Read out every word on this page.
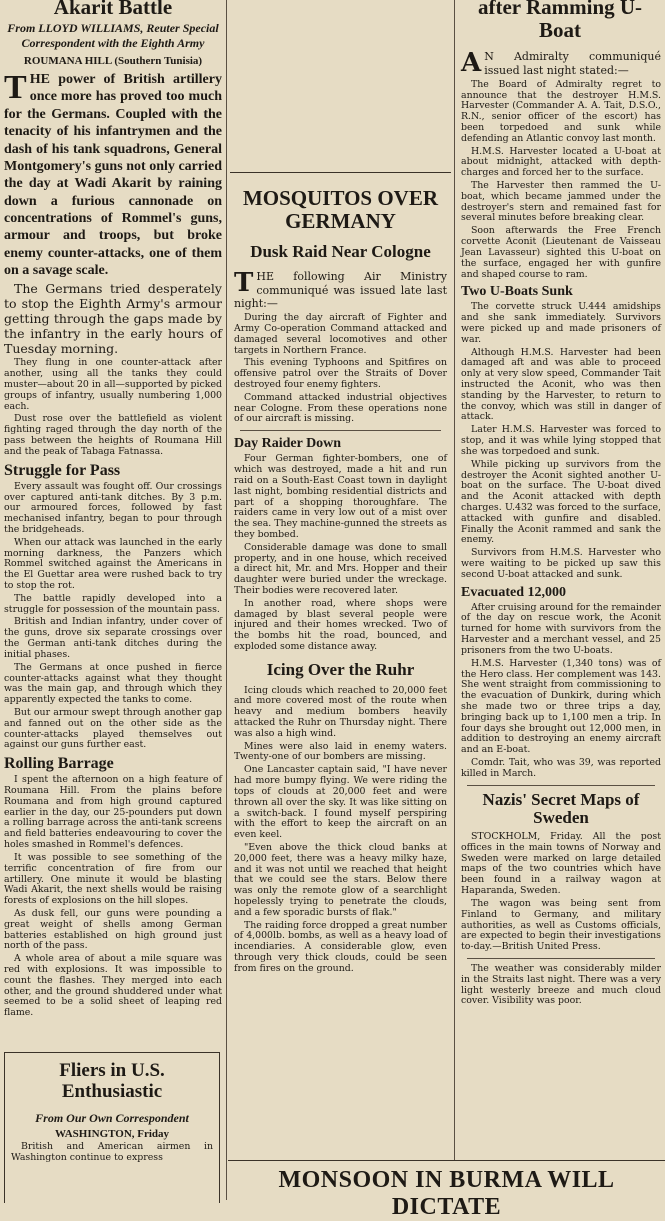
Akarit Battle
From LLOYD WILLIAMS, Reuter Special Correspondent with the Eighth Army
ROUMANA HILL (Southern Tunisia)

THE power of British artillery once more has proved too much for the Germans. Coupled with the tenacity of his infantrymen and the dash of his tank squadrons, General Montgomery's guns not only carried the day at Wadi Akarit by raining down a furious cannonade on concentrations of Rommel's guns, armour and troops, but broke enemy counter-attacks, one of them on a savage scale.

The Germans tried desperately to stop the Eighth Army's armour getting through the gaps made by the infantry in the early hours of Tuesday morning.

They flung in one counter-attack after another, using all the tanks they could muster—about 20 in all—supported by picked groups of infantry, usually numbering 1,000 each.

Dust rose over the battlefield as violent fighting raged through the day north of the pass between the heights of Roumana Hill and the peak of Tabaga Fatnassa.

Struggle for Pass

Every assault was fought off. Our crossings over captured anti-tank ditches. By 3 p.m. our armoured forces, followed by fast mechanised infantry, began to pour through the bridgeheads.

When our attack was launched in the early morning darkness, the Panzers which Rommel switched against the Americans in the El Guettar area were rushed back to try to stop the rot.

The battle rapidly developed into a struggle for possession of the mountain pass.

British and Indian infantry, under cover of the guns, drove six separate crossings over the German anti-tank ditches during the initial phases.

The Germans at once pushed in fierce counter-attacks against what they thought was the main gap, and through which they apparently expected the tanks to come.

But our armour swept through another gap and fanned out on the other side as the counter-attacks played themselves out against our guns further east.

Rolling Barrage

I spent the afternoon on a high feature of Roumana Hill. From the plains before Roumana and from high ground captured earlier in the day, our 25-pounders put down a rolling barrage across the anti-tank screens and field batteries endeavouring to cover the holes smashed in Rommel's defences.

It was possible to see something of the terrific concentration of fire from our artillery. One minute it would be blasting Wadi Akarit, the next shells would be raising forests of explosions on the hill slopes.

As dusk fell, our guns were pounding a great weight of shells among German batteries established on high ground just north of the pass.

A whole area of about a mile square was red with explosions. It was impossible to count the flashes. They merged into each other, and the ground shuddered under what seemed to be a solid sheet of leaping red flame.

Fliers in U.S. Enthusiastic
From Our Own Correspondent
WASHINGTON, Friday

British and American airmen in Washington continue to express

MOSQUITOS OVER GERMANY
Dusk Raid Near Cologne

THE following Air Ministry communiqué was issued late last night:—

During the day aircraft of Fighter and Army Co-operation Command attacked and damaged several locomotives and other targets in Northern France.

This evening Typhoons and Spitfires on offensive patrol over the Straits of Dover destroyed four enemy fighters.

Command attacked industrial objectives near Cologne. From these operations none of our aircraft is missing.

Day Raider Down

Four German fighter-bombers, one of which was destroyed, made a hit and run raid on a South-East Coast town in daylight last night, bombing residential districts and part of a shopping thoroughfare. The raiders came in very low out of a mist over the sea. They machine-gunned the streets as they bombed.

Considerable damage was done to small property, and in one house, which received a direct hit, Mr. and Mrs. Hopper and their daughter were buried under the wreckage. Their bodies were recovered later.

In another road, where shops were damaged by blast several people were injured and their homes wrecked. Two of the bombs hit the road, bounced, and exploded some distance away.

Icing Over the Ruhr

Icing clouds which reached to 20,000 feet and more covered most of the route when heavy and medium bombers heavily attacked the Ruhr on Thursday night. There was also a high wind.

Mines were also laid in enemy waters. Twenty-one of our bombers are missing.

One Lancaster captain said, "I have never had more bumpy flying. We were riding the tops of clouds at 20,000 feet and were thrown all over the sky. It was like sitting on a switch-back. I found myself perspiring with the effort to keep the aircraft on an even keel.

"Even above the thick cloud banks at 20,000 feet, there was a heavy milky haze, and it was not until we reached that height that we could see the stars. Below there was only the remote glow of a searchlight hopelessly trying to penetrate the clouds, and a few sporadic bursts of flak."

The raiding force dropped a great number of 4,000lb. bombs, as well as a heavy load of incendiaries. A considerable glow, even through very thick clouds, could be seen from fires on the ground.

after Ramming U-Boat

A N Admiralty communiqué issued last night stated:—

The Board of Admiralty regret to announce that the destroyer H.M.S. Harvester (Commander A. A. Tait, D.S.O., R.N., senior officer of the escort) has been torpedoed and sunk while defending an Atlantic convoy last month.

H.M.S. Harvester located a U-boat at about midnight, attacked with depth-charges and forced her to the surface.

The Harvester then rammed the U-boat, which became jammed under the destroyer's stern and remained fast for several minutes before breaking clear.

Soon afterwards the Free French corvette Aconit (Lieutenant de Vaisseau Jean Lavasseur) sighted this U-boat on the surface, engaged her with gunfire and shaped course to ram.

Two U-Boats Sunk

The corvette struck U.444 amidships and she sank immediately. Survivors were picked up and made prisoners of war.

Although H.M.S. Harvester had been damaged aft and was able to proceed only at very slow speed, Commander Tait instructed the Aconit, who was then standing by the Harvester, to return to the convoy, which was still in danger of attack.

Later H.M.S. Harvester was forced to stop, and it was while lying stopped that she was torpedoed and sunk.

While picking up survivors from the destroyer the Aconit sighted another U-boat on the surface. The U-boat dived and the Aconit attacked with depth charges. U.432 was forced to the surface, attacked with gunfire and disabled. Finally the Aconit rammed and sank the enemy.

Survivors from H.M.S. Harvester who were waiting to be picked up saw this second U-boat attacked and sunk.

Evacuated 12,000

After cruising around for the remainder of the day on rescue work, the Aconit turned for home with survivors from the Harvester and a merchant vessel, and 25 prisoners from the two U-boats.

H.M.S. Harvester (1,340 tons) was of the Hero class. Her complement was 143. She went straight from commissioning to the evacuation of Dunkirk, during which she made two or three trips a day, bringing back up to 1,100 men a trip. In four days she brought out 12,000 men, in addition to destroying an enemy aircraft and an E-boat.

Comdr. Tait, who was 39, was reported killed in March.

Nazis' Secret Maps of Sweden

STOCKHOLM, Friday. All the post offices in the main towns of Norway and Sweden were marked on large detailed maps of the two countries which have been found in a railway wagon at Haparanda, Sweden.

The wagon was being sent from Finland to Germany, and military authorities, as well as Customs officials, are expected to begin their investigations to-day.—British United Press.

The weather was considerably milder in the Straits last night. There was a very light westerly breeze and much cloud cover. Visibility was poor.

MONSOON IN BURMA WILL DICTATE
